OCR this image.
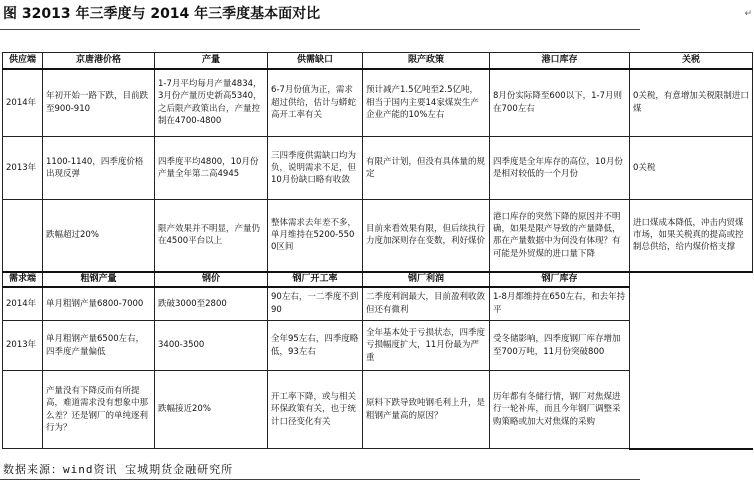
图 32013 年三季度与 2014 年三季度基本面对比	↵
供应端	京唐港价格	产量	供需缺口	限产政策	港口库存	关税
2014年	年初开始一路下跌，目前跌至900-910	1-7月平均每月产量4834，3月份产量历史新高5340，之后限产政策出台，产量控制在4700-4800	6-7月份值为正，需求超过供给，估计与蟒蛇高开工率有关	预计减产1.5亿吨至2.5亿吨，相当于国内主要14家煤炭生产企业产能的10%左右	8月份实际降至600以下，1-7月则在700左右	0关税，有意增加关税限制进口煤
2013年	1100-1140，四季度价格出现反弹	四季度平均4800，10月份产量全年第二高4945	三四季度供需缺口均为负，说明需求不足，但10月份缺口略有收敛	有限产计划，但没有具体量的规定	四季度是全年库存的高位，10月份是相对较低的一个月份	0关税
	跌幅超过20%	限产效果并不明显，产量仍在4500平台以上	整体需求去年差不多，单月维持在5200-5500区间	目前来看效果有限，但后续执行力度加深则存在变数，利好煤价	港口库存的突然下降的原因并不明确，如果是限产导致的产量降低，那在产量数据中为何没有体现？有可能是外贸煤的进口量下降	进口煤成本降低，冲击内贸煤市场，如果关税真的提高或控制总供给，给内煤价格支撑
需求端	粗钢产量	钢价	钢厂开工率	钢厂利润	钢厂库存	
2014年	单月粗钢产量6800-7000	跌破3000至2800	90左右，一二季度不到90	二季度利润最大，目前盈利收敛但还有微利	1-8月都维持在650左右，和去年持平	
2013年	单月粗钢产量6500左右，四季度产量偏低	3400-3500	全年95左右，四季度略低，93左右	全年基本处于亏损状态，四季度亏损幅度扩大，11月份最为严重	受冬储影响，四季度钢厂库存增加至700万吨，11月份突破800	
	产量没有下降反而有所提高，难道需求没有想象中那么差？还是钢厂的单纯逐利行为？	跌幅接近20%	开工率下降，或与相关环保政策有关，也于统计口径变化有关	原料下跌导致吨钢毛利上升，是粗钢产量高的原因？	历年都有冬储行情，钢厂对焦煤进行一轮补库，而且今年钢厂调整采购策略或加大对焦煤的采购	
数据来源：wind资讯 宝城期货金融研究所
